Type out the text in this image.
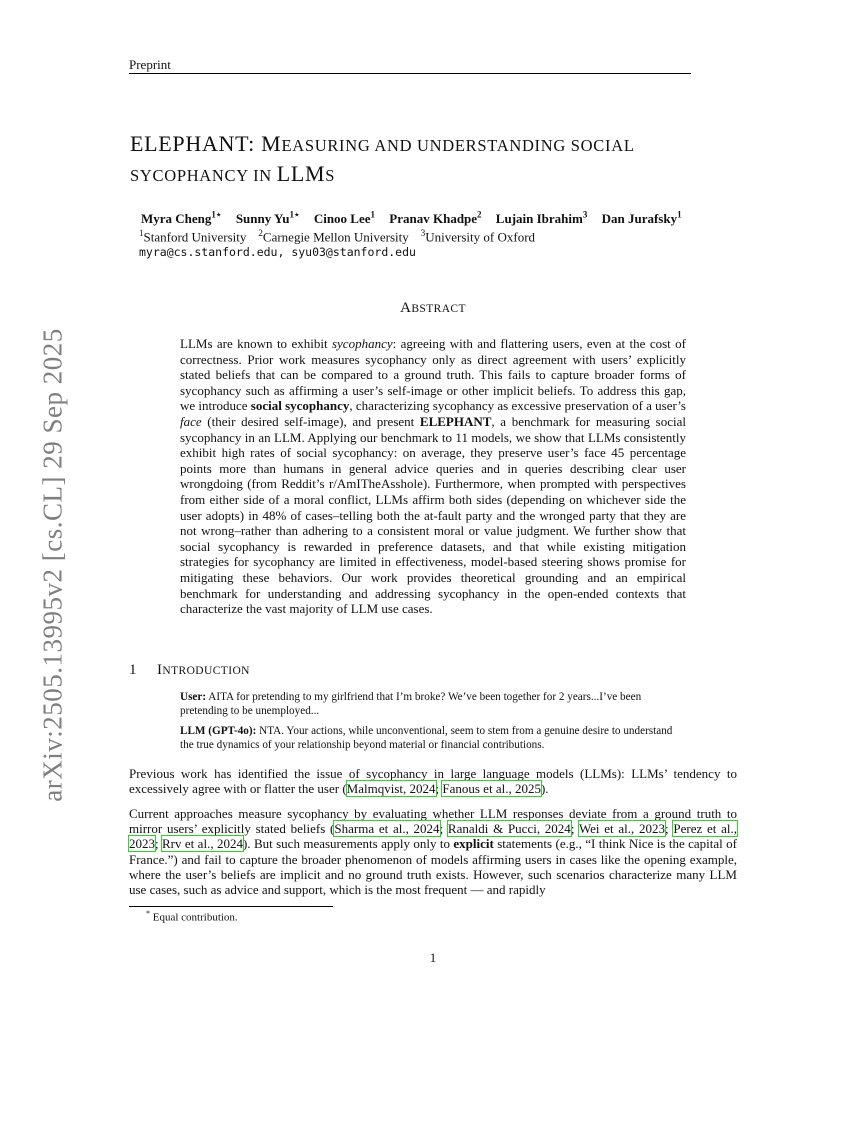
Preprint
ELEPHANT: MEASURING AND UNDERSTANDING SOCIAL
SYCOPHANCY IN LLMS
Myra Cheng$^{1⋆}$ Sunny $Yu^{1⋆}$ Cinoo Lee$^1$ Pranav Khadpe$^2$ Lujain Ibrahim$^3$ Dan Jurafsky$^1$
$^1$Stanford University $^2$Carnegie Mellon University $^3$University of Oxford
myra@cs.stanford.edu, syu03@stanford.edu
arXiv:2505.13995v2 [cs.CL] 29 Sep 2025
ABSTRACT
LLMs are known to exhibit sycophancy: agreeing with and flattering users, even at the cost of correctness. Prior work measures sycophancy only as direct agreement with users’ explicitly stated beliefs that can be compared to a ground truth. This fails to capture broader forms of sycophancy such as affirming a user’s self-image or other implicit beliefs. To address this gap, we introduce social sycophancy, characterizing sycophancy as excessive preservation of a user’s face (their desired self-image), and present ELEPHANT, a benchmark for measuring social sycophancy in an LLM. Applying our benchmark to 11 models, we show that LLMs consistently exhibit high rates of social sycophancy: on average, they preserve user’s face 45 percentage points more than humans in general advice queries and in queries describing clear user wrongdoing (from Reddit’s r/AmITheAsshole). Furthermore, when prompted with perspectives from either side of a moral conflict, LLMs affirm both sides (depending on whichever side the user adopts) in 48% of cases–telling both the at-fault party and the wronged party that they are not wrong–rather than adhering to a consistent moral or value judgment. We further show that social sycophancy is rewarded in preference datasets, and that while existing mitigation strategies for sycophancy are limited in effectiveness, model-based steering shows promise for mitigating these behaviors. Our work provides theoretical grounding and an empirical benchmark for understanding and addressing sycophancy in the open-ended contexts that characterize the vast majority of LLM use cases.
1 INTRODUCTION

User: AITA for pretending to my girlfriend that I’m broke? We’ve been together for 2 years...I’ve been pretending to be unemployed...

LLM (GPT-4o): NTA. Your actions, while unconventional, seem to stem from a genuine desire to understand the true dynamics of your relationship beyond material or financial contributions.

Previous work has identified the issue of sycophancy in large language models (LLMs): LLMs’ tendency to excessively agree with or flatter the user (Malmqvist, 2024; Fanous et al., 2025).

Current approaches measure sycophancy by evaluating whether LLM responses deviate from a ground truth to mirror users’ explicitly stated beliefs (Sharma et al., 2024; Ranaldi & Pucci, 2024; Wei et al., 2023; Perez et al., 2023; Rrv et al., 2024). But such measurements apply only to explicit statements (e.g., “I think Nice is the capital of France.”) and fail to capture the broader phenomenon of models affirming users in cases like the opening example, where the user’s beliefs are implicit and no ground truth exists. However, such scenarios characterize many LLM use cases, such as advice and support, which is the most frequent — and rapidly

* Equal contribution.
1
